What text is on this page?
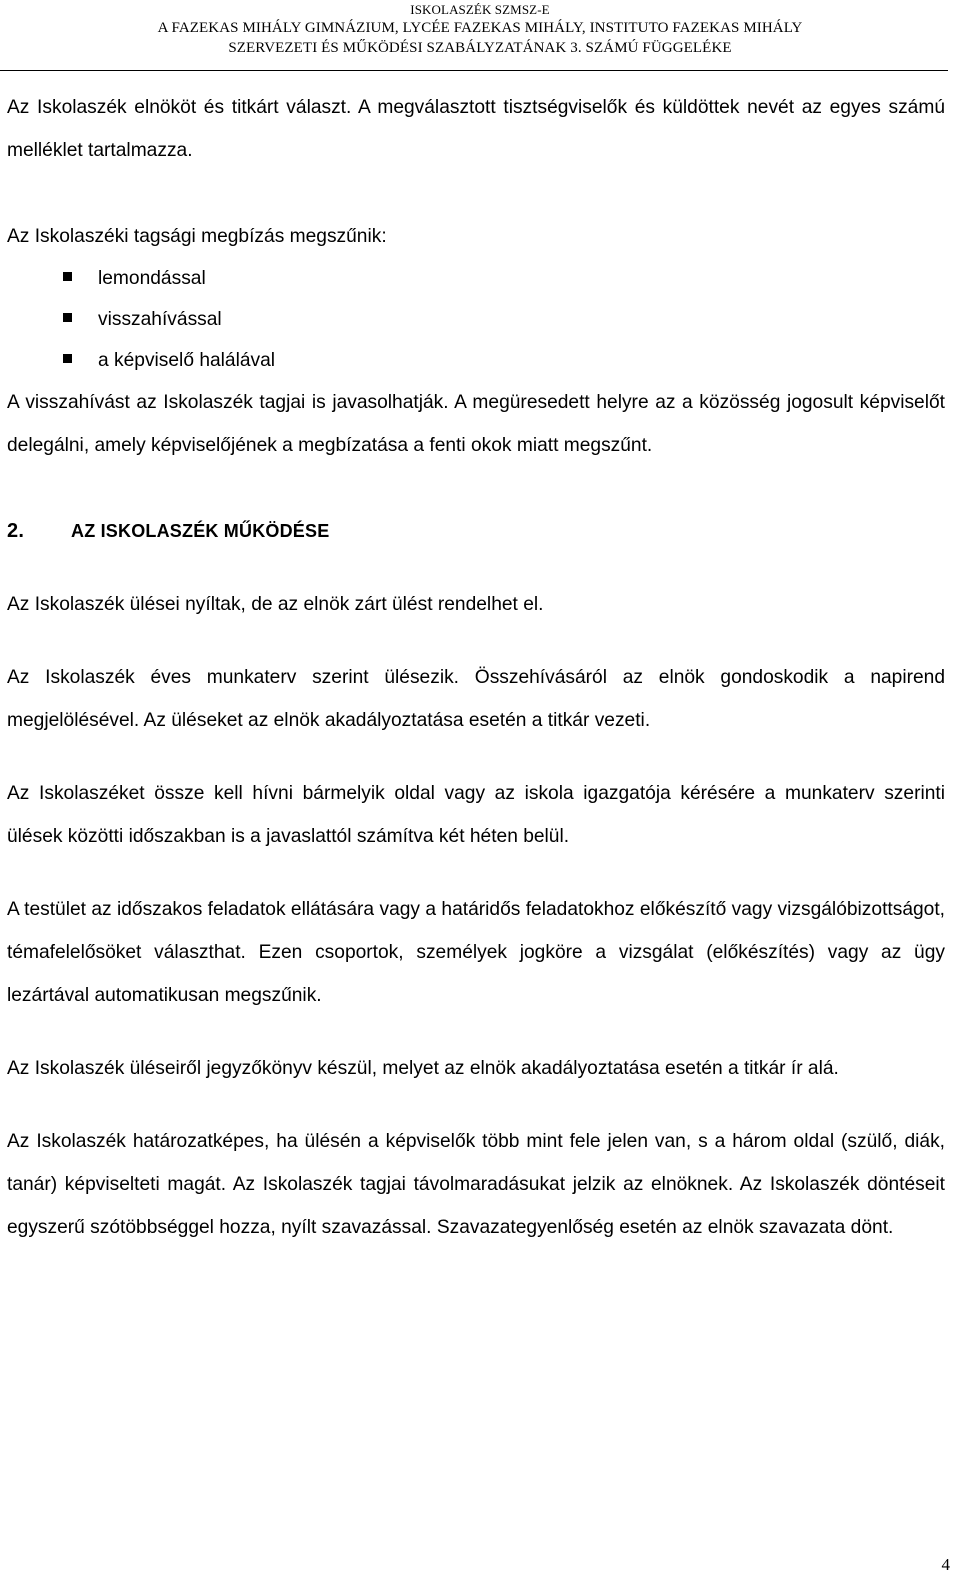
ISKOLASZÉK SZMSZ-E
A FAZEKAS MIHÁLY GIMNÁZIUM, LYCÉE FAZEKAS MIHÁLY, INSTITUTO FAZEKAS MIHÁLY
SZERVEZETI ÉS MŰKÖDÉSI SZABÁLYZATÁNAK 3. SZÁMÚ FÜGGELÉKE

Az Iskolaszék elnököt és titkárt választ. A megválasztott tisztségviselők és küldöttek nevét az egyes számú melléklet tartalmazza.

Az Iskolaszéki tagsági megbízás megszűnik:

lemondással
visszahívással
a képviselő halálával

A visszahívást az Iskolaszék tagjai is javasolhatják. A megüresedett helyre az a közösség jogosult képviselőt delegálni, amely képviselőjének a megbízatása a fenti okok miatt megszűnt.

2.	AZ ISKOLASZÉK MŰKÖDÉSE

Az Iskolaszék ülései nyíltak, de az elnök zárt ülést rendelhet el.

Az Iskolaszék éves munkaterv szerint ülésezik. Összehívásáról az elnök gondoskodik a napirend megjelölésével. Az üléseket az elnök akadályoztatása esetén a titkár vezeti.

Az Iskolaszéket össze kell hívni bármelyik oldal vagy az iskola igazgatója kérésére a munkaterv szerinti ülések közötti időszakban is a javaslattól számítva két héten belül.

A testület az időszakos feladatok ellátására vagy a határidős feladatokhoz előkészítő vagy vizsgálóbizottságot, témafelelősöket választhat. Ezen csoportok, személyek jogköre a vizsgálat (előkészítés) vagy az ügy lezártával automatikusan megszűnik.

Az Iskolaszék üléseiről jegyzőkönyv készül, melyet az elnök akadályoztatása esetén a titkár ír alá.

Az Iskolaszék határozatképes, ha ülésén a képviselők több mint fele jelen van, s a három oldal (szülő, diák, tanár) képviselteti magát. Az Iskolaszék tagjai távolmaradásukat jelzik az elnöknek. Az Iskolaszék döntéseit egyszerű szótöbbséggel hozza, nyílt szavazással. Szavazategyenlőség esetén az elnök szavazata dönt.

4
